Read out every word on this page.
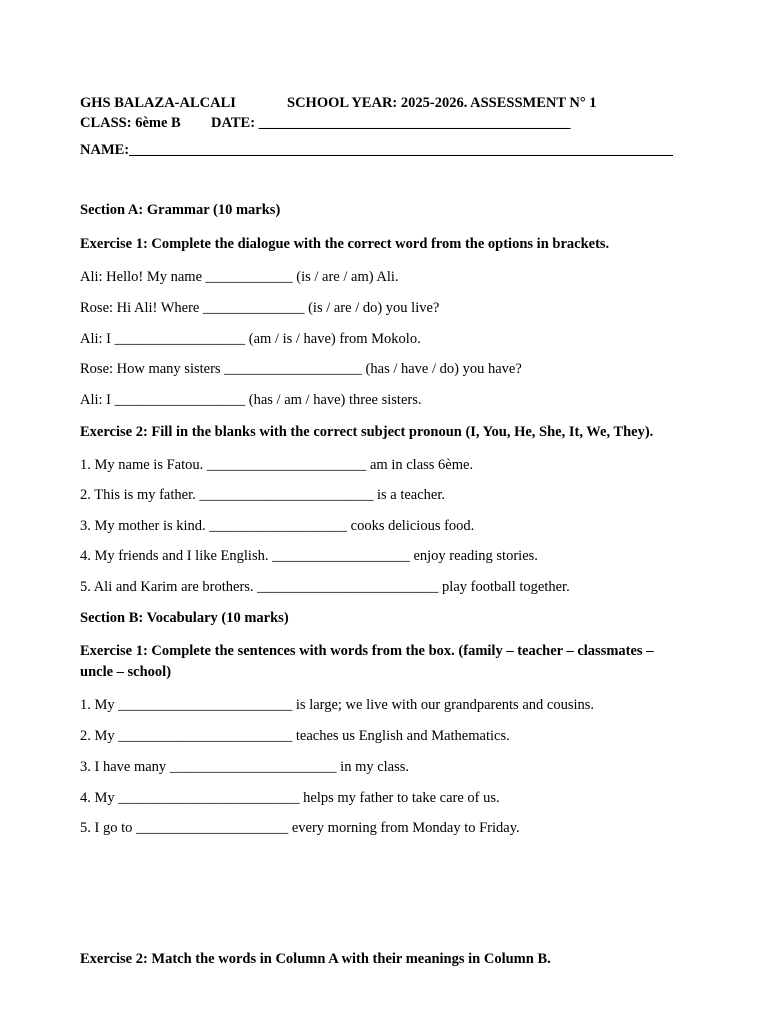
GHS BALAZA-ALCALI	SCHOOL YEAR: 2025-2026. ASSESSMENT N° 1
CLASS: 6ème B DATE: ___________________________________________
NAME:___________________________________________________________________________
Section A: Grammar (10 marks)
Exercise 1: Complete the dialogue with the correct word from the options in brackets.
Ali: Hello! My name ____________ (is / are / am) Ali.
Rose: Hi Ali! Where ______________ (is / are / do) you live?
Ali: I __________________ (am / is / have) from Mokolo.
Rose: How many sisters ___________________ (has / have / do) you have?
Ali: I __________________ (has / am / have) three sisters.
Exercise 2: Fill in the blanks with the correct subject pronoun (I, You, He, She, It, We, They).
1. My name is Fatou. ______________________ am in class 6ème.
2. This is my father. ________________________ is a teacher.
3. My mother is kind. ___________________ cooks delicious food.
4. My friends and I like English. ___________________ enjoy reading stories.
5. Ali and Karim are brothers. _________________________ play football together.
Section B: Vocabulary (10 marks)
Exercise 1: Complete the sentences with words from the box. (family – teacher – classmates – uncle – school)
1. My ________________________ is large; we live with our grandparents and cousins.
2. My ________________________ teaches us English and Mathematics.
3. I have many _______________________ in my class.
4. My _________________________ helps my father to take care of us.
5. I go to _____________________ every morning from Monday to Friday.
Exercise 2: Match the words in Column A with their meanings in Column B.
